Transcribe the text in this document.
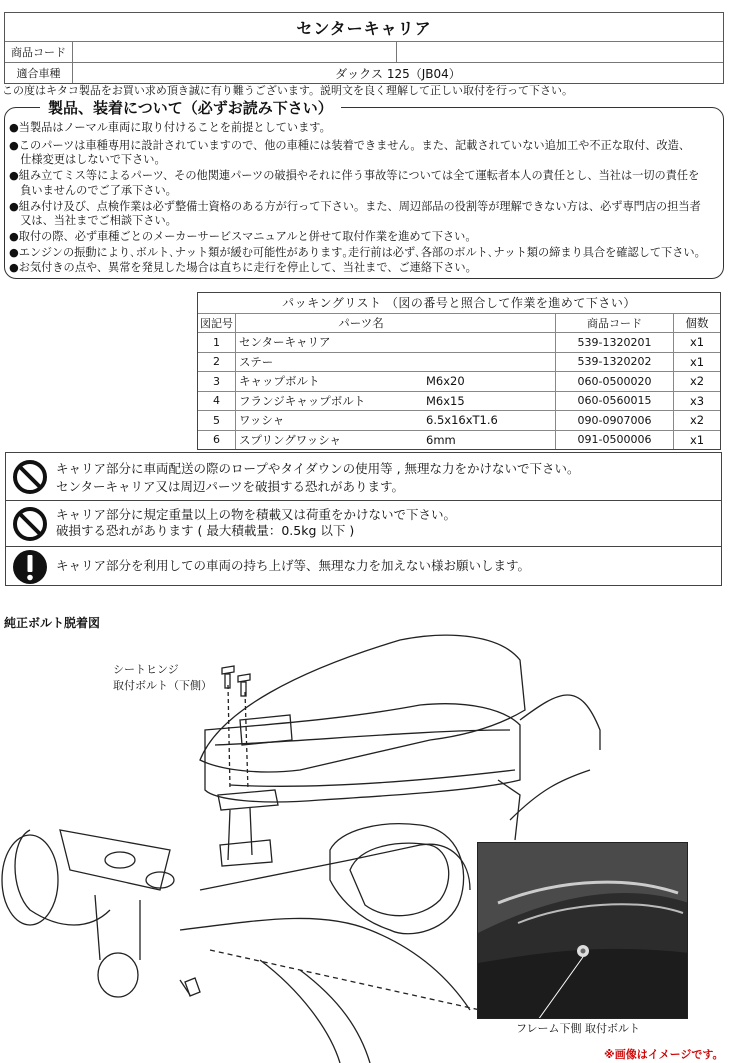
センターキャリア
商品コード
適合車種	ダックス 125（JB04）
この度はキタコ製品をお買い求め頂き誠に有り難うございます。説明文を良く理解して正しい取付を行って下さい。
●当製品はノーマル車両に取り付けることを前提としています。
●このパーツは車種専用に設計されていますので、他の車種には装着できません。また、記載されていない追加工や不正な取付、改造、
　仕様変更はしないで下さい。
●組み立てミス等によるパーツ、その他関連パーツの破損やそれに伴う事故等については全て運転者本人の責任とし、当社は一切の責任を
　負いませんのでご了承下さい。
●組み付け及び、点検作業は必ず整備士資格のある方が行って下さい。また、周辺部品の役割等が理解できない方は、必ず専門店の担当者
　又は、当社までご相談下さい。
●取付の際、必ず車種ごとのメーカーサービスマニュアルと併せて取付作業を進めて下さい。
●エンジンの振動により､ボルト､ナット類が緩む可能性があります｡走行前は必ず､各部のボルト､ナット類の締まり具合を確認して下さい。
●お気付きの点や、異常を発見した場合は直ちに走行を停止して、当社まで、ご連絡下さい。
製品、装着について（必ずお読み下さい）
パッキングリスト （図の番号と照合して作業を進めて下さい）
図記号	パーツ名	商品コード	個数
1	センターキャリア	539-1320201	x1
2	ステー	539-1320202	x1
3	キャップボルト	M6x20	060-0500020	x2
4	フランジキャップボルト	M6x15	060-0560015	x3
5	ワッシャ	6.5x16xT1.6	090-0907006	x2
6	スプリングワッシャ	6mm	091-0500006	x1
キャリア部分に車両配送の際のロープやタイダウンの使用等 , 無理な力をかけないで下さい。
センターキャリア又は周辺パーツを破損する恐れがあります。
キャリア部分に規定重量以上の物を積載又は荷重をかけないで下さい。
破損する恐れがあります ( 最大積載量：0.5kg 以下 )
キャリア部分を利用しての車両の持ち上げ等、無理な力を加えない様お願いします。
純正ボルト脱着図
シートヒンジ
取付ボルト（下側）
フレーム下側 取付ボルト
※画像はイメージです。
